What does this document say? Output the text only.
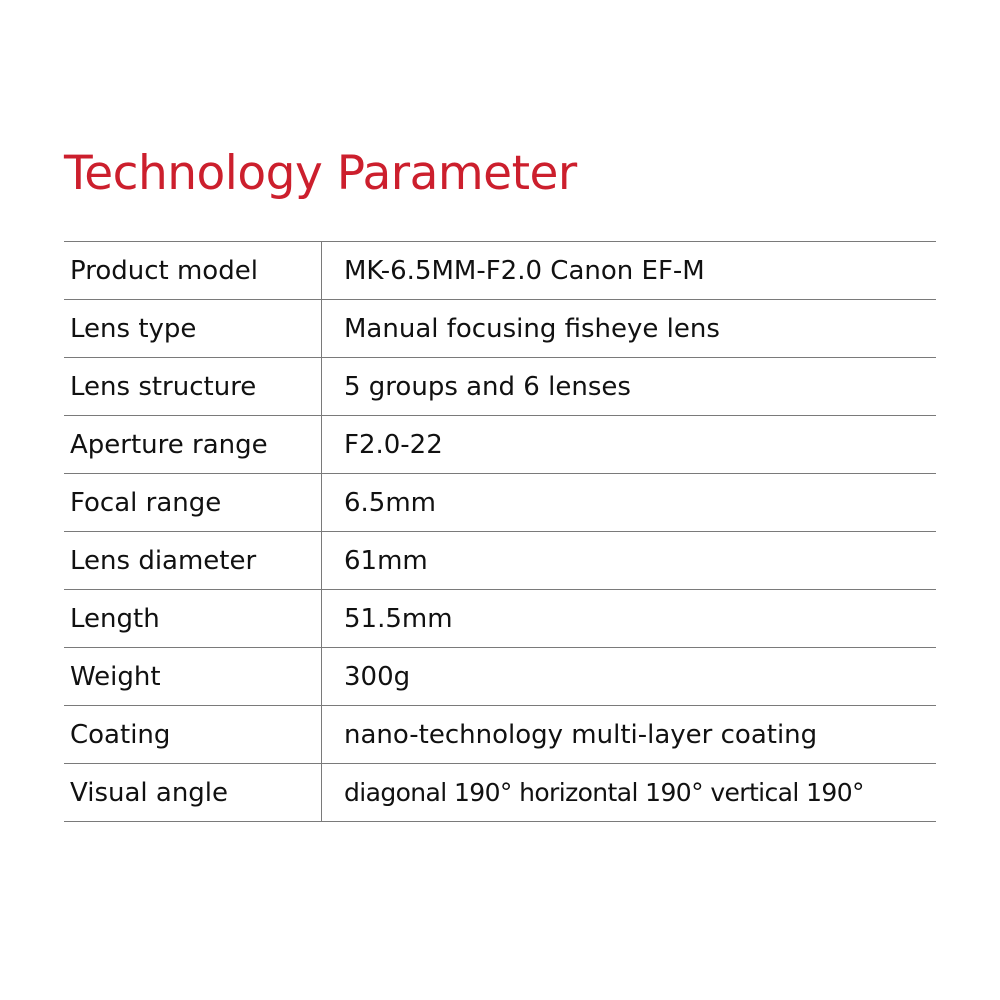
Technology Parameter
Product model	MK-6.5MM-F2.0 Canon EF-M
Lens type	Manual focusing fisheye lens
Lens structure	5 groups and 6 lenses
Aperture range	F2.0-22
Focal range	6.5mm
Lens diameter	61mm
Length	51.5mm
Weight	300g
Coating	nano-technology multi-layer coating
Visual angle	diagonal 190° horizontal 190° vertical 190°
